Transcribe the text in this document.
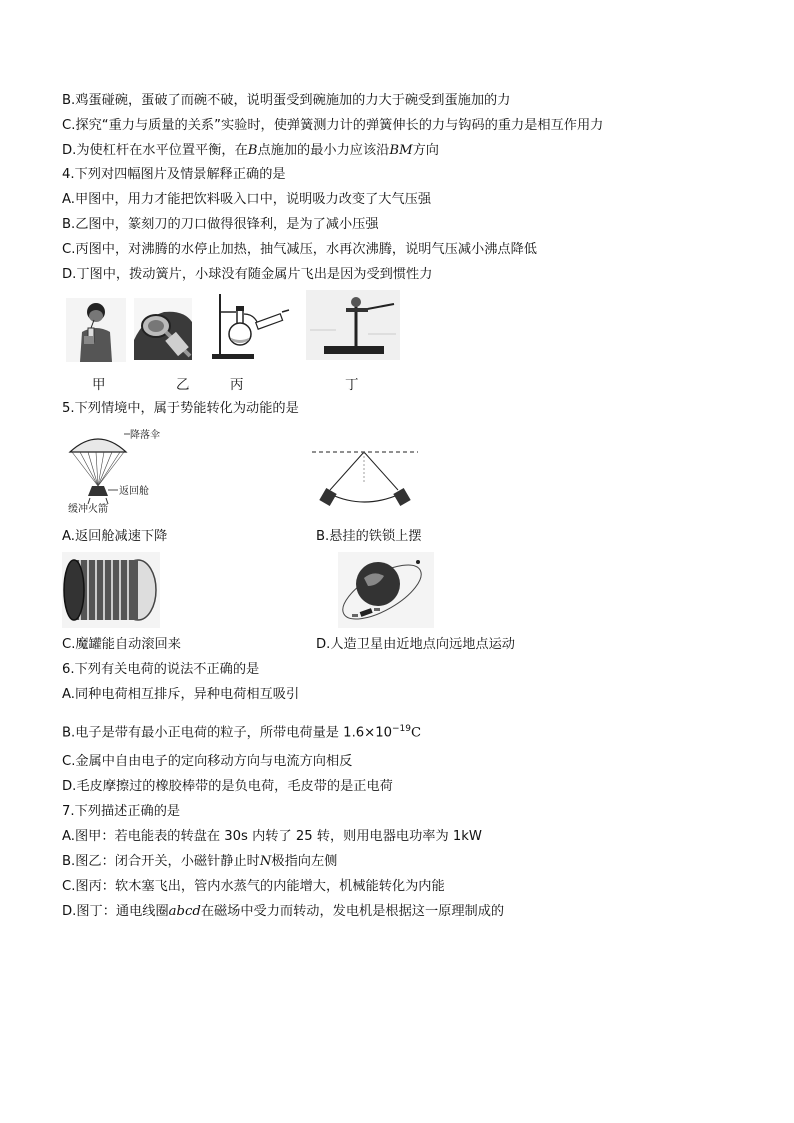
B.鸡蛋碰碗，蛋破了而碗不破，说明蛋受到碗施加的力大于碗受到蛋施加的力
C.探究“重力与质量的关系”实验时，使弹簧测力计的弹簧伸长的力与钩码的重力是相互作用力
D.为使杠杆在水平位置平衡，在B点施加的最小力应该沿BM方向
4.下列对四幅图片及情景解释正确的是
A.甲图中，用力才能把饮料吸入口中，说明吸力改变了大气压强
B.乙图中，篆刻刀的刀口做得很锋利，是为了减小压强
C.丙图中，对沸腾的水停止加热，抽气减压，水再次沸腾，说明气压减小沸点降低
D.丁图中，拨动簧片，小球没有随金属片飞出是因为受到惯性力
甲	乙	丙	丁
5.下列情境中，属于势能转化为动能的是
降落伞
返回舱
缓冲火箭
A.返回舱减速下降	B.悬挂的铁锁上摆
C.魔罐能自动滚回来	D.人造卫星由近地点向远地点运动
6.下列有关电荷的说法不正确的是
A.同种电荷相互排斥，异种电荷相互吸引
B.电子是带有最小正电荷的粒子，所带电荷量是 $1.6\times 10^{-19}C$
C.金属中自由电子的定向移动方向与电流方向相反
D.毛皮摩擦过的橡胶棒带的是负电荷，毛皮带的是正电荷
7.下列描述正确的是
A.图甲：若电能表的转盘在 30s 内转了 25 转，则用电器电功率为 1kW
B.图乙：闭合开关，小磁针静止时N极指向左侧
C.图丙：软木塞飞出，管内水蒸气的内能增大，机械能转化为内能
D.图丁：通电线圈abcd在磁场中受力而转动，发电机是根据这一原理制成的
